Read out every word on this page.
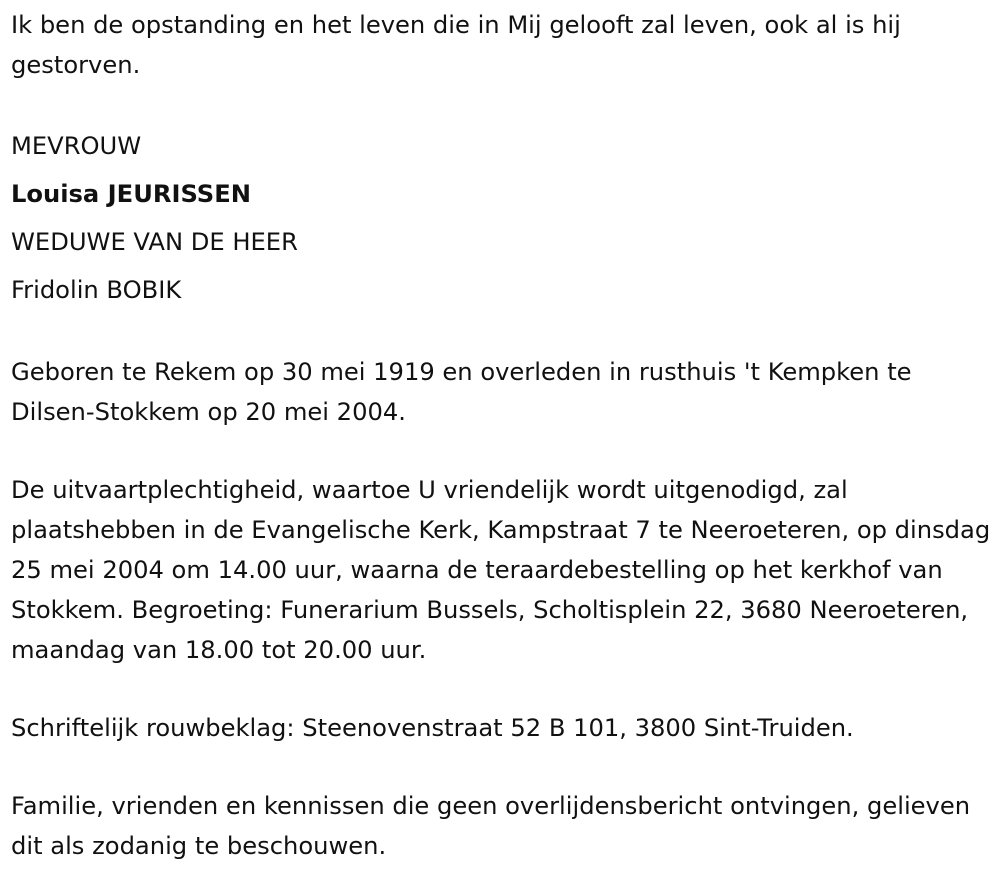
Ik ben de opstanding en het leven die in Mij gelooft zal leven, ook al is hij gestorven.

MEVROUW
Louisa JEURISSEN
WEDUWE VAN DE HEER
Fridolin BOBIK

Geboren te Rekem op 30 mei 1919 en overleden in rusthuis 't Kempken te Dilsen-Stokkem op 20 mei 2004.

De uitvaartplechtigheid, waartoe U vriendelijk wordt uitgenodigd, zal plaatshebben in de Evangelische Kerk, Kampstraat 7 te Neeroeteren, op dinsdag 25 mei 2004 om 14.00 uur, waarna de teraardebestelling op het kerkhof van Stokkem. Begroeting: Funerarium Bussels, Scholtisplein 22, 3680 Neeroeteren, maandag van 18.00 tot 20.00 uur.

Schriftelijk rouwbeklag: Steenovenstraat 52 B 101, 3800 Sint-Truiden.

Familie, vrienden en kennissen die geen overlijdensbericht ontvingen, gelieven dit als zodanig te beschouwen.
